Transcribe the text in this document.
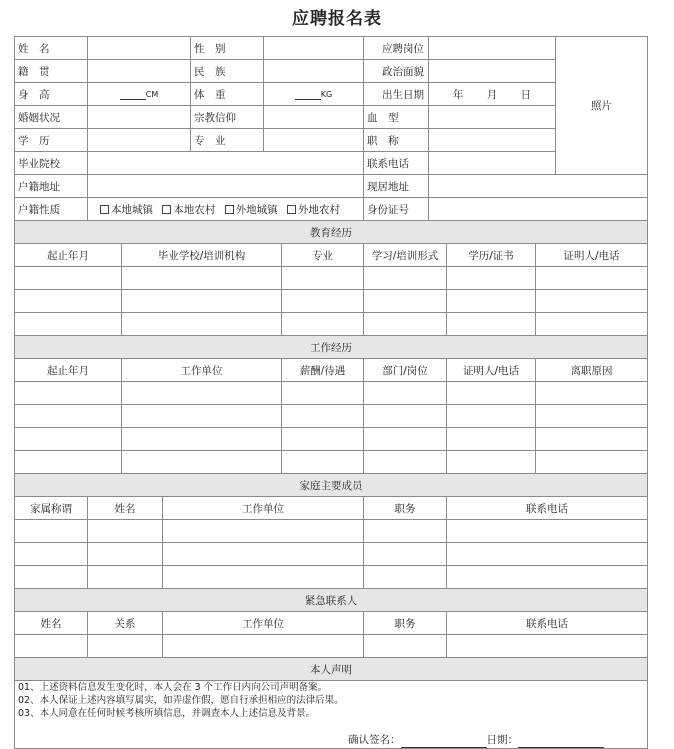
应聘报名表
姓　名				性　别			应聘岗位				照片
籍　贯				民　族			政治面貌				
身　高	CM			体　重	KG		出生日期	年 月 日			
婚姻状况				宗教信仰			血　型				
学　历				专　业			职　称				
毕业院校							联系电话				
户籍地址							现居地址				
户籍性质	本地城镇 本地农村 外地城镇 外地农村						身份证号				
教育经历											
起止年月		毕业学校/培训机构				专业	学习/培训形式		学历/证书	证明人/电话	

工作经历											
起止年月		工作单位				薪酬/待遇	部门/岗位		证明人/电话	离职原因	

家庭主要成员											
家属称谓	姓名		工作单位				职务		联系电话		

紧急联系人											
姓名	关系		工作单位				职务		联系电话		

本人声明											

01、上述资料信息发生变化时，本人会在 3 个工作日内向公司声明备案。
02、本人保证上述内容填写属实，如弄虚作假，愿自行承担相应的法律后果。
03、本人同意在任何时候考核所填信息，并调查本人上述信息及背景。
确认签名： 日期：											
